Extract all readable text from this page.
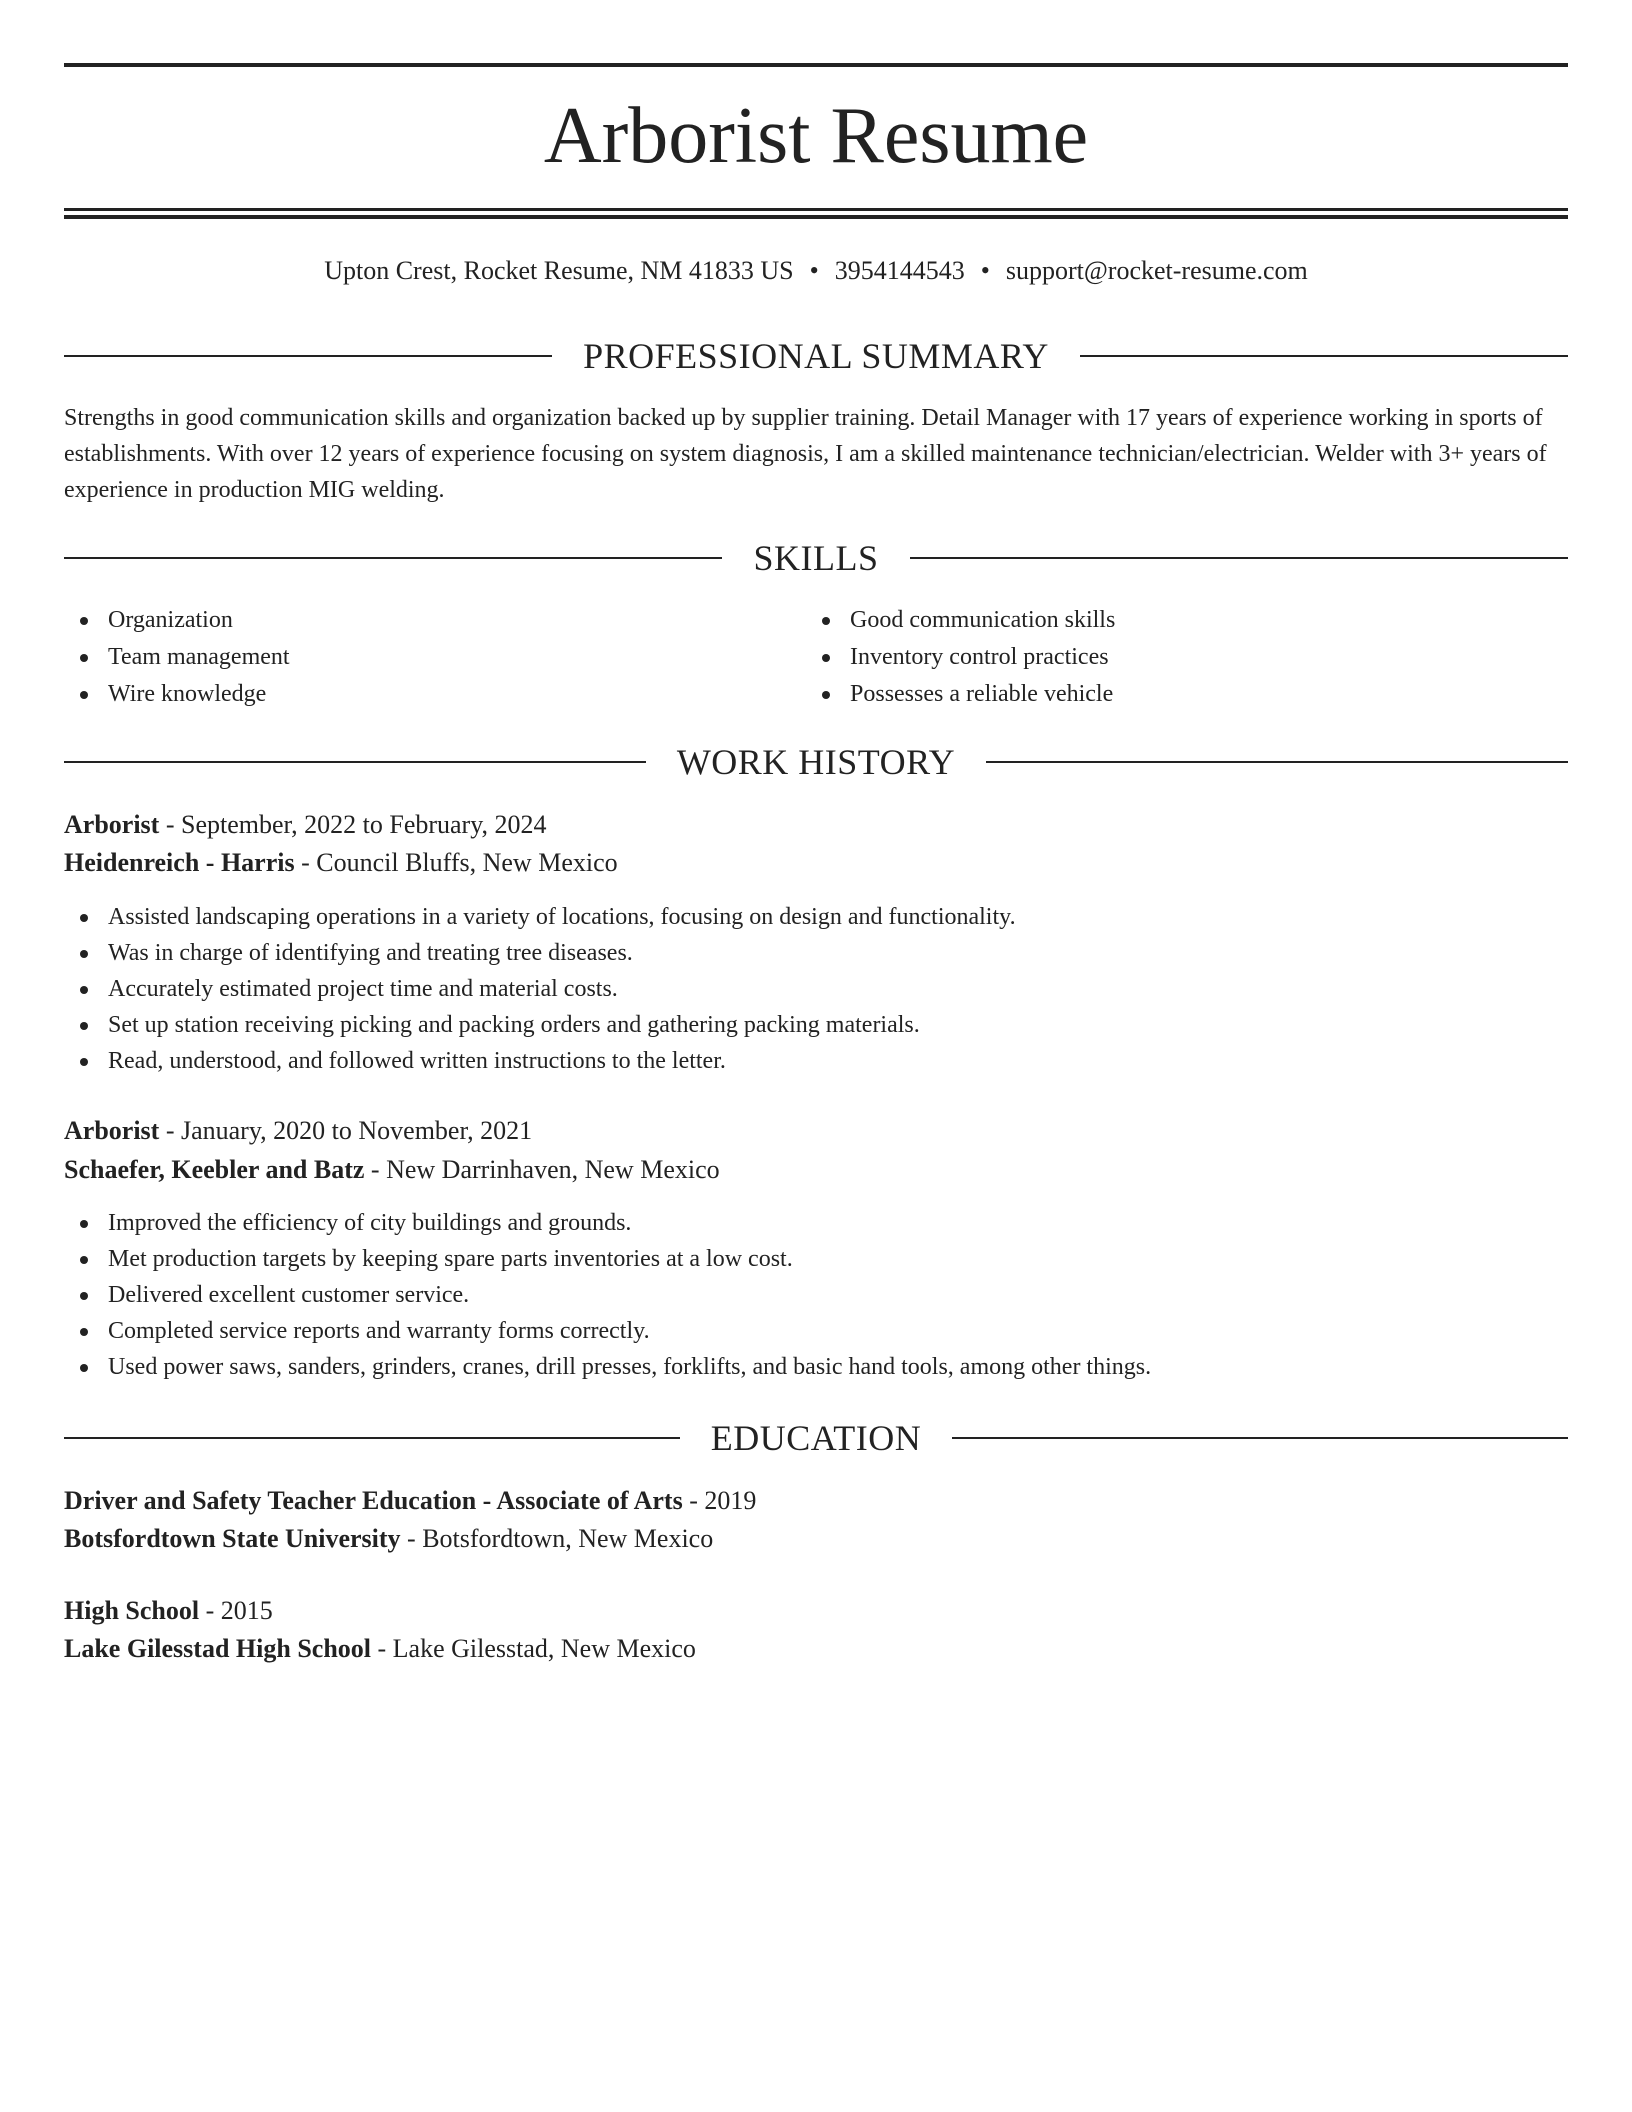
Arborist Resume
Upton Crest, Rocket Resume, NM 41833 US • 3954144543 • support@rocket-resume.com
PROFESSIONAL SUMMARY

Strengths in good communication skills and organization backed up by supplier training. Detail Manager with 17 years of experience working in sports of establishments. With over 12 years of experience focusing on system diagnosis, I am a skilled maintenance technician/electrician. Welder with 3+ years of experience in production MIG welding.

SKILLS
Organization
Team management
Wire knowledge
Good communication skills
Inventory control practices
Possesses a reliable vehicle
WORK HISTORY
Arborist - September, 2022 to February, 2024
Heidenreich - Harris - Council Bluffs, New Mexico
Assisted landscaping operations in a variety of locations, focusing on design and functionality.
Was in charge of identifying and treating tree diseases.
Accurately estimated project time and material costs.
Set up station receiving picking and packing orders and gathering packing materials.
Read, understood, and followed written instructions to the letter.
Arborist - January, 2020 to November, 2021
Schaefer, Keebler and Batz - New Darrinhaven, New Mexico
Improved the efficiency of city buildings and grounds.
Met production targets by keeping spare parts inventories at a low cost.
Delivered excellent customer service.
Completed service reports and warranty forms correctly.
Used power saws, sanders, grinders, cranes, drill presses, forklifts, and basic hand tools, among other things.
EDUCATION
Driver and Safety Teacher Education - Associate of Arts - 2019
Botsfordtown State University - Botsfordtown, New Mexico
High School - 2015
Lake Gilesstad High School - Lake Gilesstad, New Mexico
